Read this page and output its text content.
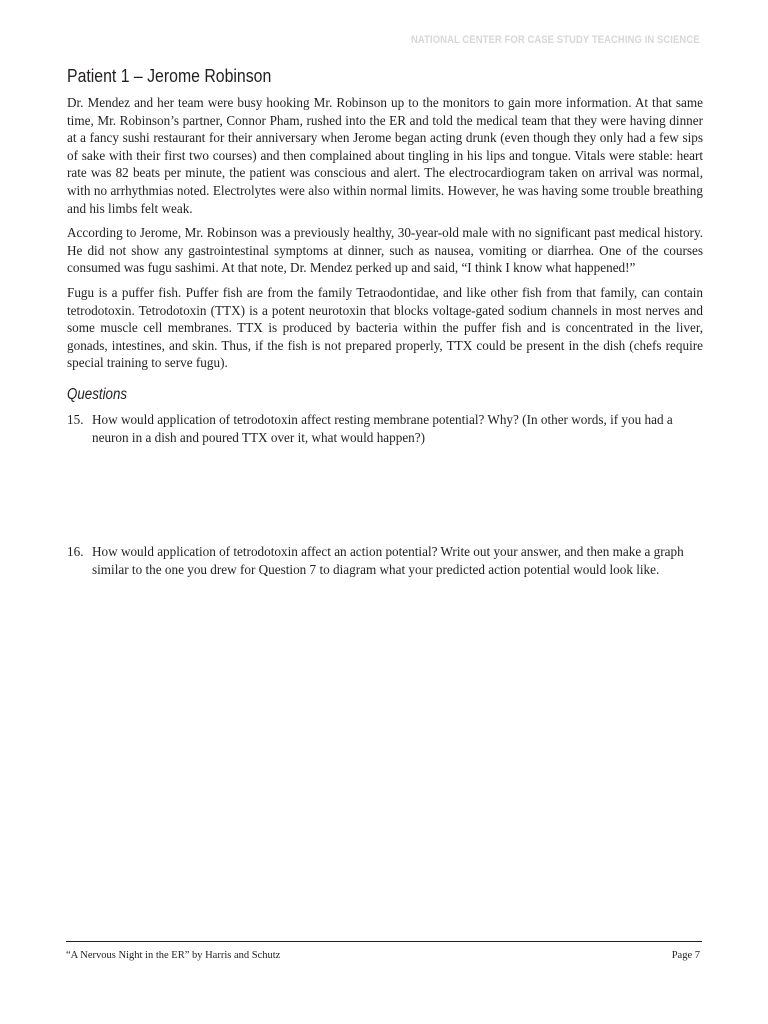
NATIONAL CENTER FOR CASE STUDY TEACHING IN SCIENCE
Patient 1 – Jerome Robinson

Dr. Mendez and her team were busy hooking Mr. Robinson up to the monitors to gain more information. At that same time, Mr. Robinson’s partner, Connor Pham, rushed into the ER and told the medical team that they were having dinner at a fancy sushi restaurant for their anniversary when Jerome began acting drunk (even though they only had a few sips of sake with their first two courses) and then complained about tingling in his lips and tongue. Vitals were stable: heart rate was 82 beats per minute, the patient was conscious and alert. The electrocardiogram taken on arrival was normal, with no arrhythmias noted. Electrolytes were also within normal limits. However, he was having some trouble breathing and his limbs felt weak.

According to Jerome, Mr. Robinson was a previously healthy, 30-year-old male with no significant past medical history. He did not show any gastrointestinal symptoms at dinner, such as nausea, vomiting or diarrhea. One of the courses consumed was fugu sashimi. At that note, Dr. Mendez perked up and said, “I think I know what happened!”

Fugu is a puffer fish. Puffer fish are from the family Tetraodontidae, and like other fish from that family, can contain tetrodotoxin. Tetrodotoxin (TTX) is a potent neurotoxin that blocks voltage-gated sodium channels in most nerves and some muscle cell membranes. TTX is produced by bacteria within the puffer fish and is concentrated in the liver, gonads, intestines, and skin. Thus, if the fish is not prepared properly, TTX could be present in the dish (chefs require special training to serve fugu).

Questions
15. How would application of tetrodotoxin affect resting membrane potential? Why? (In other words, if you had a neuron in a dish and poured TTX over it, what would happen?)
16. How would application of tetrodotoxin affect an action potential? Write out your answer, and then make a graph similar to the one you drew for Question 7 to diagram what your predicted action potential would look like.
“A Nervous Night in the ER” by Harris and Schutz	Page 7
